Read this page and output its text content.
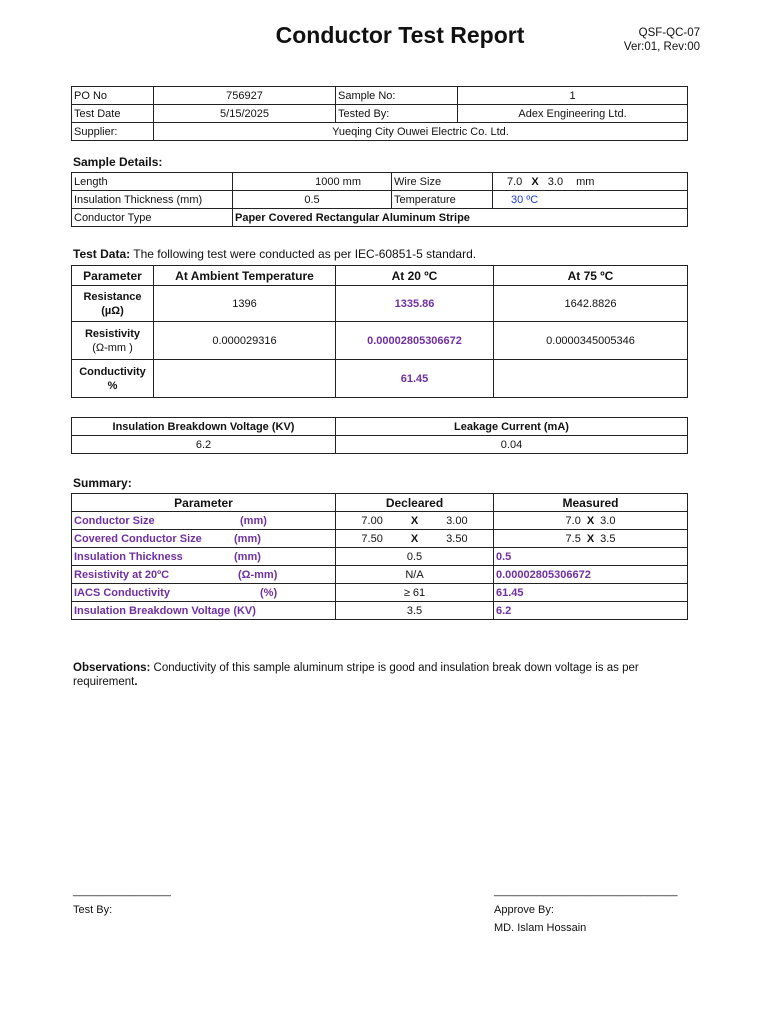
Conductor Test Report	QSF-QC-07
Ver:01, Rev:00
PO No	756927	Sample No:	1
Test Date	5/15/2025	Tested By:	Adex Engineering Ltd.
Supplier:	Yueqing City Ouwei Electric Co. Ltd.		
Sample Details:
Length	1000 mm	Wire Size	7.0 X 3.0 mm
Insulation Thickness (mm)	0.5	Temperature	30 ºC
Conductor Type	Paper Covered Rectangular Aluminum Stripe		
Test Data: The following test were conducted as per IEC-60851-5 standard.
Parameter	At Ambient Temperature	At 20 ºC	At 75 ºC

Resistance
(µΩ)	1396	1335.86	1642.8826

Resistivity
(Ω-mm )	0.000029316	0.00002805306672	0.0000345005346

Conductivity
%		61.45	
Insulation Breakdown Voltage (KV)	Leakage Current (mA)
6.2	0.04
Summary:
Parameter	Decleared	Measured
Conductor Size (mm)	7.00 X 3.00	7.0 X 3.0
Covered Conductor Size (mm)	7.50 X 3.50	7.5 X 3.5
Insulation Thickness (mm)	0.5	0.5
Resistivity at 20ºC (Ω-mm)	N/A	0.00002805306672
IACS Conductivity (%)	≥ 61	61.45
Insulation Breakdown Voltage (KV)	3.5	6.2
Observations: Conductivity of this sample aluminum stripe is good and insulation break down voltage is as per
requirement.
________________
Test By:
______________________________
Approve By:
MD. Islam Hossain
